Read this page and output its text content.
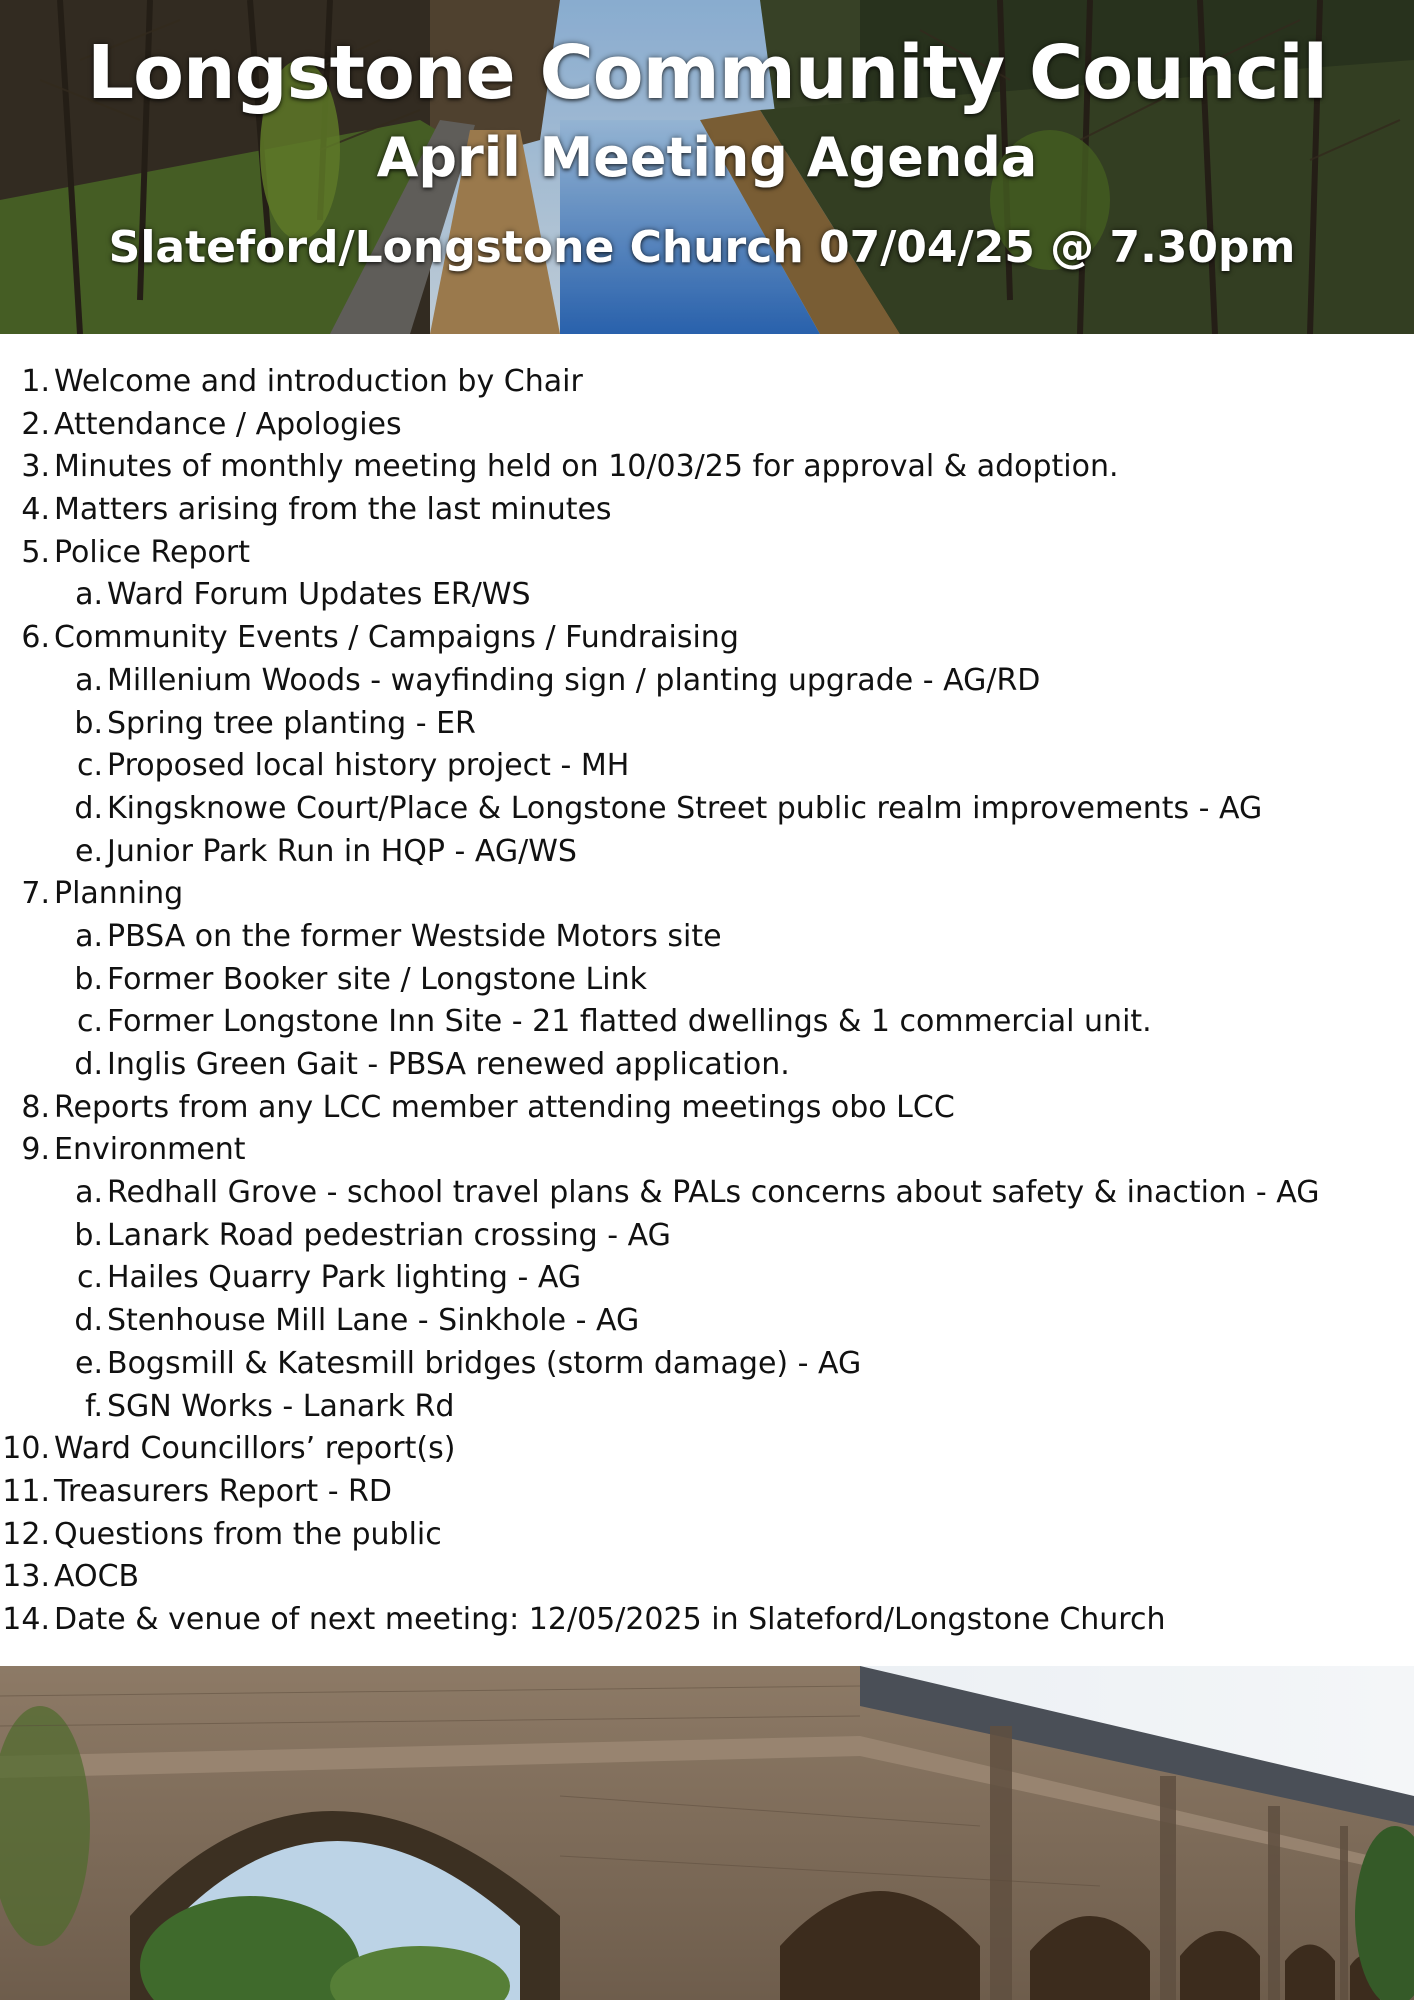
Longstone Community Council
April Meeting Agenda
Slateford/Longstone Church 07/04/25 @ 7.30pm
1. Welcome and introduction by Chair
2. Attendance / Apologies
3. Minutes of monthly meeting held on 10/03/25 for approval & adoption.
4. Matters arising from the last minutes
5. Police Report
a. Ward Forum Updates ER/WS
6. Community Events / Campaigns / Fundraising
a. Millenium Woods - wayfinding sign / planting upgrade - AG/RD
b. Spring tree planting - ER
c. Proposed local history project - MH
d. Kingsknowe Court/Place & Longstone Street public realm improvements - AG
e. Junior Park Run in HQP - AG/WS
7. Planning
a. PBSA on the former Westside Motors site
b. Former Booker site / Longstone Link
c. Former Longstone Inn Site - 21 flatted dwellings & 1 commercial unit.
d. Inglis Green Gait - PBSA renewed application.
8. Reports from any LCC member attending meetings obo LCC
9. Environment
a. Redhall Grove - school travel plans & PALs concerns about safety & inaction - AG
b. Lanark Road pedestrian crossing - AG
c. Hailes Quarry Park lighting - AG
d. Stenhouse Mill Lane - Sinkhole - AG
e. Bogsmill & Katesmill bridges (storm damage) - AG
f. SGN Works - Lanark Rd
10. Ward Councillors’ report(s)
11. Treasurers Report - RD
12. Questions from the public
13. AOCB
14. Date & venue of next meeting: 12/05/2025 in Slateford/Longstone Church
